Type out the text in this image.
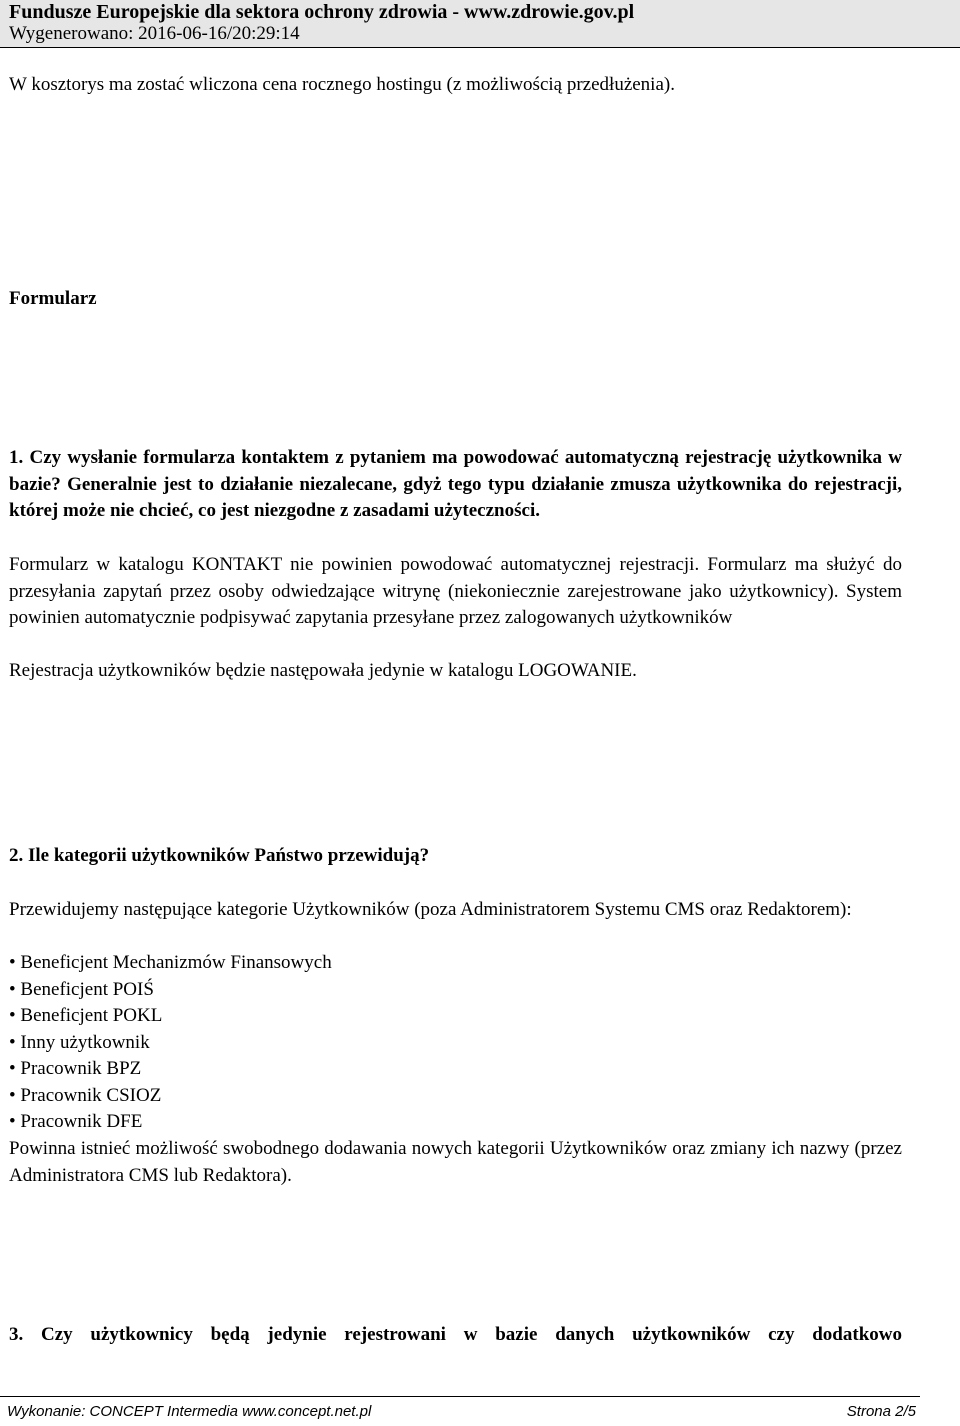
Fundusze Europejskie dla sektora ochrony zdrowia - www.zdrowie.gov.pl
Wygenerowano: 2016-06-16/20:29:14

W kosztorys ma zostać wliczona cena rocznego hostingu (z możliwością przedłużenia).

Formularz

1. Czy wysłanie formularza kontaktem z pytaniem ma powodować automatyczną rejestrację użytkownika w bazie? Generalnie jest to działanie niezalecane, gdyż tego typu działanie zmusza użytkownika do rejestracji, której może nie chcieć, co jest niezgodne z zasadami użyteczności.

Formularz w katalogu KONTAKT nie powinien powodować automatycznej rejestracji. Formularz ma służyć do przesyłania zapytań przez osoby odwiedzające witrynę (niekoniecznie zarejestrowane jako użytkownicy). System powinien automatycznie podpisywać zapytania przesyłane przez zalogowanych użytkowników

Rejestracja użytkowników będzie następowała jedynie w katalogu LOGOWANIE.

2. Ile kategorii użytkowników Państwo przewidują?

Przewidujemy następujące kategorie Użytkowników (poza Administratorem Systemu CMS oraz Redaktorem):

• Beneficjent Mechanizmów Finansowych
• Beneficjent POIŚ
• Beneficjent POKL
• Inny użytkownik
• Pracownik BPZ
• Pracownik CSIOZ
• Pracownik DFE

Powinna istnieć możliwość swobodnego dodawania nowych kategorii Użytkowników oraz zmiany ich nazwy (przez Administratora CMS lub Redaktora).

3. Czy użytkownicy będą jedynie rejestrowani w bazie danych użytkowników czy dodatkowo

Wykonanie: CONCEPT Intermedia www.concept.net.pl	Strona 2/5
